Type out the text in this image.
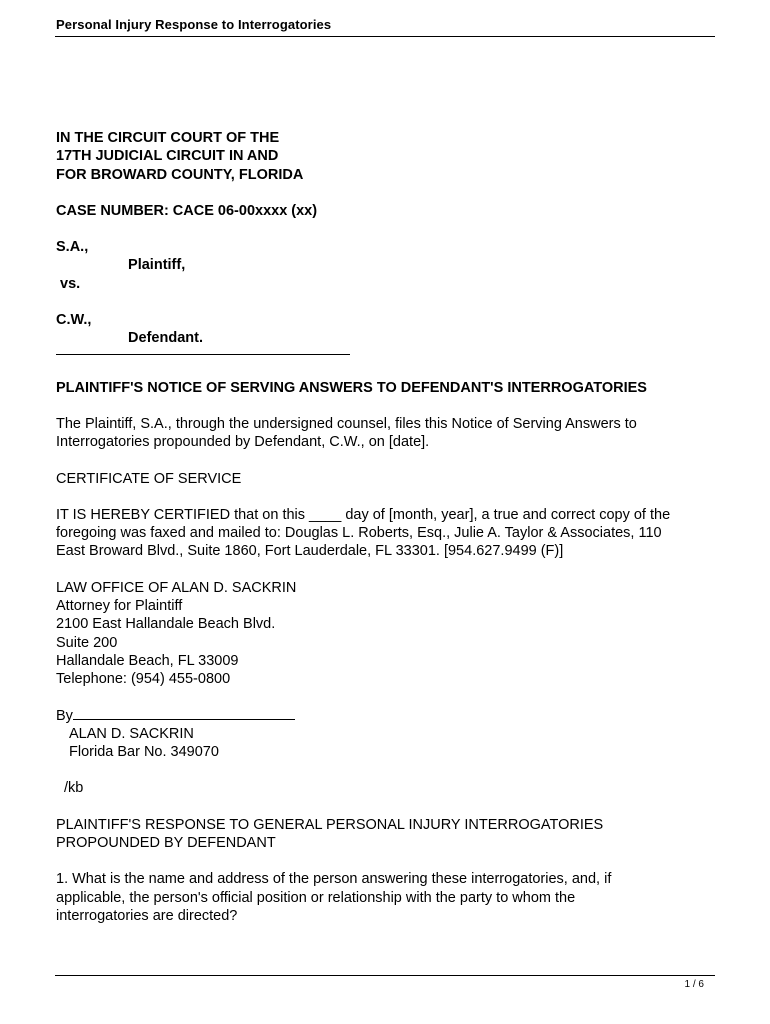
Personal Injury Response to Interrogatories
IN THE CIRCUIT COURT OF THE
17TH JUDICIAL CIRCUIT IN AND
FOR BROWARD COUNTY, FLORIDA
CASE NUMBER: CACE 06-00xxxx (xx)
S.A.,
Plaintiff,
vs.
C.W.,
Defendant.
PLAINTIFF'S NOTICE OF SERVING ANSWERS TO DEFENDANT'S INTERROGATORIES
The Plaintiff, S.A., through the undersigned counsel, files this Notice of Serving Answers to
Interrogatories propounded by Defendant, C.W., on [date].
CERTIFICATE OF SERVICE
IT IS HEREBY CERTIFIED that on this ____ day of [month, year], a true and correct copy of the
foregoing was faxed and mailed to: Douglas L. Roberts, Esq., Julie A. Taylor & Associates, 110
East Broward Blvd., Suite 1860, Fort Lauderdale, FL 33301. [954.627.9499 (F)]
LAW OFFICE OF ALAN D. SACKRIN
Attorney for Plaintiff
2100 East Hallandale Beach Blvd.
Suite 200
Hallandale Beach, FL 33009
Telephone: (954) 455-0800
By
ALAN D. SACKRIN
Florida Bar No. 349070
/kb
PLAINTIFF'S RESPONSE TO GENERAL PERSONAL INJURY INTERROGATORIES
PROPOUNDED BY DEFENDANT
1. What is the name and address of the person answering these interrogatories, and, if
applicable, the person's official position or relationship with the party to whom the
interrogatories are directed?
1 / 6
